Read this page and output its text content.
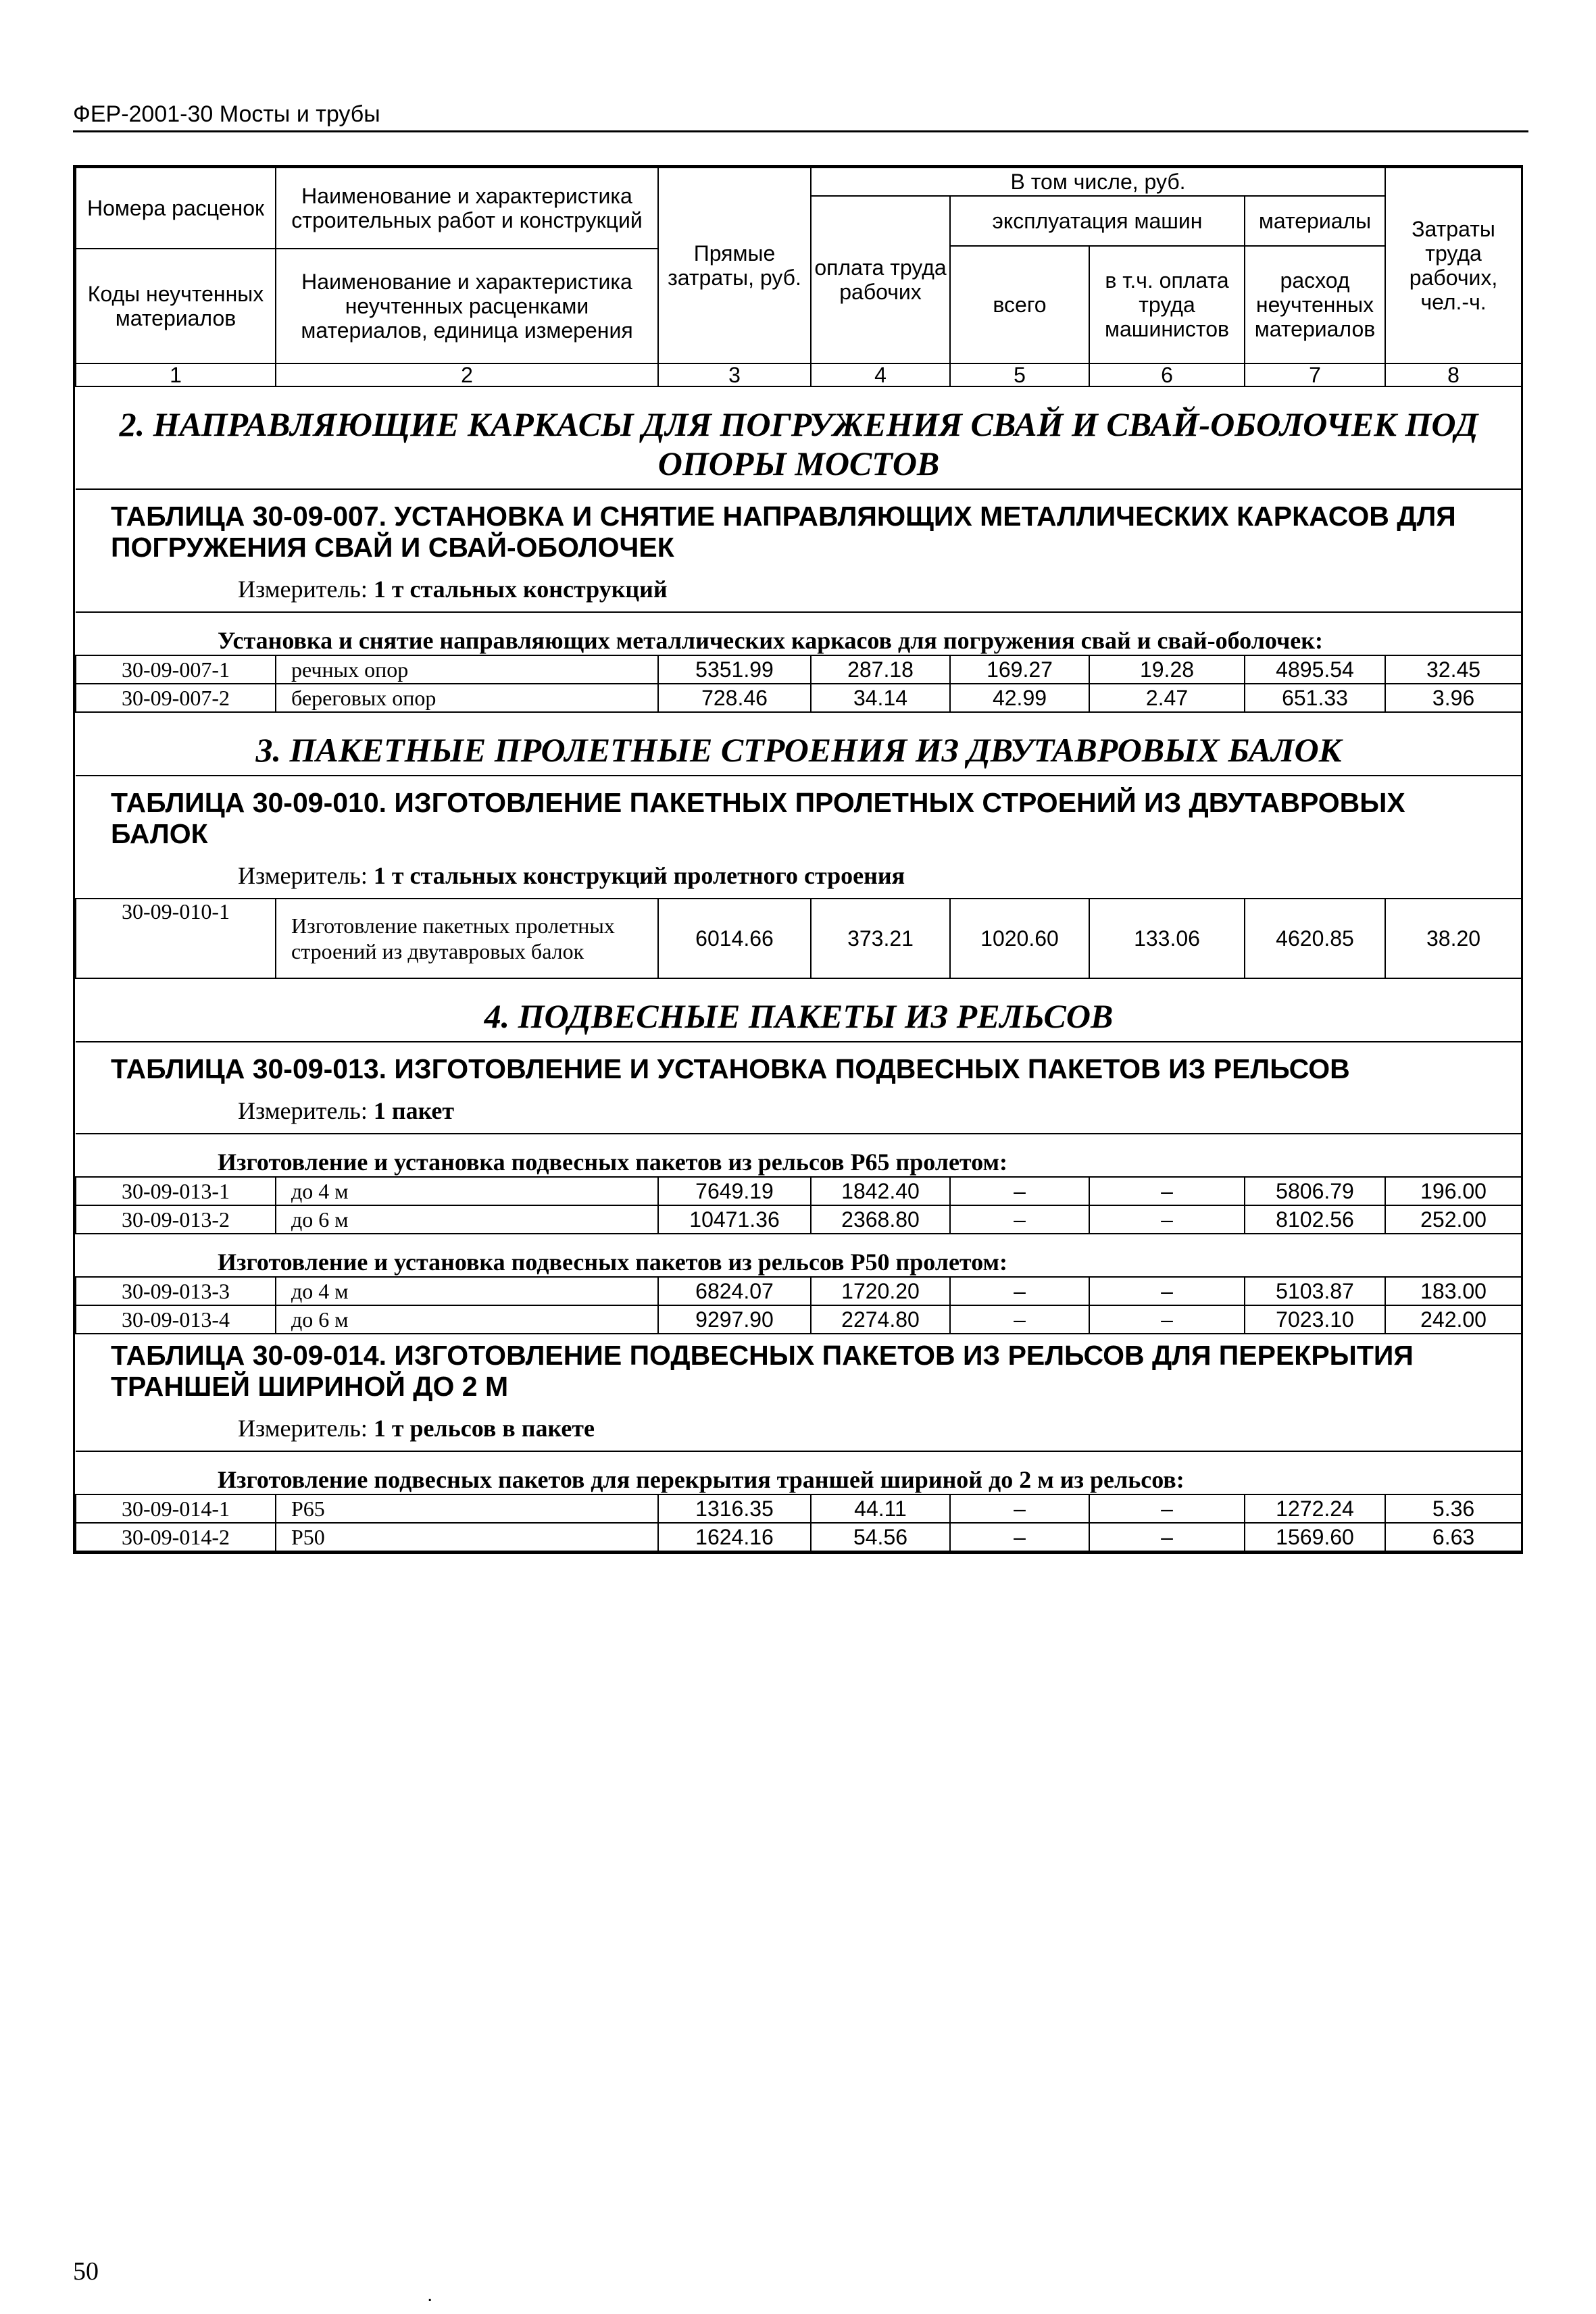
ФЕР-2001-30 Мосты и трубы
Номера расценок	Наименование и характеристика строительных работ и конструкций	Прямые затраты, руб.	В том числе, руб.				Затраты труда рабочих, чел.-ч.
			оплата труда рабочих	эксплуатация машин		материалы	
				всего	в т.ч. оплата труда машинистов	расход неучтенных материалов	
Коды неучтенных материалов	Наименование и характеристика неучтенных расценками материалов, единица измерения						

1	2	3	4	5	6	7	8
2. НАПРАВЛЯЮЩИЕ КАРКАСЫ ДЛЯ ПОГРУЖЕНИЯ СВАЙ И СВАЙ-ОБОЛОЧЕК ПОД ОПОРЫ МОСТОВ							
ТАБЛИЦА 30-09-007. УСТАНОВКА И СНЯТИЕ НАПРАВЛЯЮЩИХ МЕТАЛЛИЧЕСКИХ КАРКАСОВ ДЛЯ ПОГРУЖЕНИЯ СВАЙ И СВАЙ-ОБОЛОЧЕК							
Измеритель: 1 т стальных конструкций							
Установка и снятие направляющих металлических каркасов для погружения свай и свай-оболочек:							
30-09-007-1	речных опор	5351.99	287.18	169.27	19.28	4895.54	32.45
30-09-007-2	береговых опор	728.46	34.14	42.99	2.47	651.33	3.96
3. ПАКЕТНЫЕ ПРОЛЕТНЫЕ СТРОЕНИЯ ИЗ ДВУТАВРОВЫХ БАЛОК							
ТАБЛИЦА 30-09-010. ИЗГОТОВЛЕНИЕ ПАКЕТНЫХ ПРОЛЕТНЫХ СТРОЕНИЙ ИЗ ДВУТАВРОВЫХ БАЛОК							
Измеритель: 1 т стальных конструкций пролетного строения							
30-09-010-1	Изготовление пакетных пролетных строений из двутавровых балок	6014.66	373.21	1020.60	133.06	4620.85	38.20
4. ПОДВЕСНЫЕ ПАКЕТЫ ИЗ РЕЛЬСОВ							
ТАБЛИЦА 30-09-013. ИЗГОТОВЛЕНИЕ И УСТАНОВКА ПОДВЕСНЫХ ПАКЕТОВ ИЗ РЕЛЬСОВ							
Измеритель: 1 пакет							
Изготовление и установка подвесных пакетов из рельсов Р65 пролетом:							
30-09-013-1	до 4 м	7649.19	1842.40	–	–	5806.79	196.00
30-09-013-2	до 6 м	10471.36	2368.80	–	–	8102.56	252.00
Изготовление и установка подвесных пакетов из рельсов Р50 пролетом:							
30-09-013-3	до 4 м	6824.07	1720.20	–	–	5103.87	183.00
30-09-013-4	до 6 м	9297.90	2274.80	–	–	7023.10	242.00
ТАБЛИЦА 30-09-014. ИЗГОТОВЛЕНИЕ ПОДВЕСНЫХ ПАКЕТОВ ИЗ РЕЛЬСОВ ДЛЯ ПЕРЕКРЫТИЯ ТРАНШЕЙ ШИРИНОЙ ДО 2 М							
Измеритель: 1 т рельсов в пакете							
Изготовление подвесных пакетов для перекрытия траншей шириной до 2 м из рельсов:							
30-09-014-1	Р65	1316.35	44.11	–	–	1272.24	5.36
30-09-014-2	Р50	1624.16	54.56	–	–	1569.60	6.63
50
.
